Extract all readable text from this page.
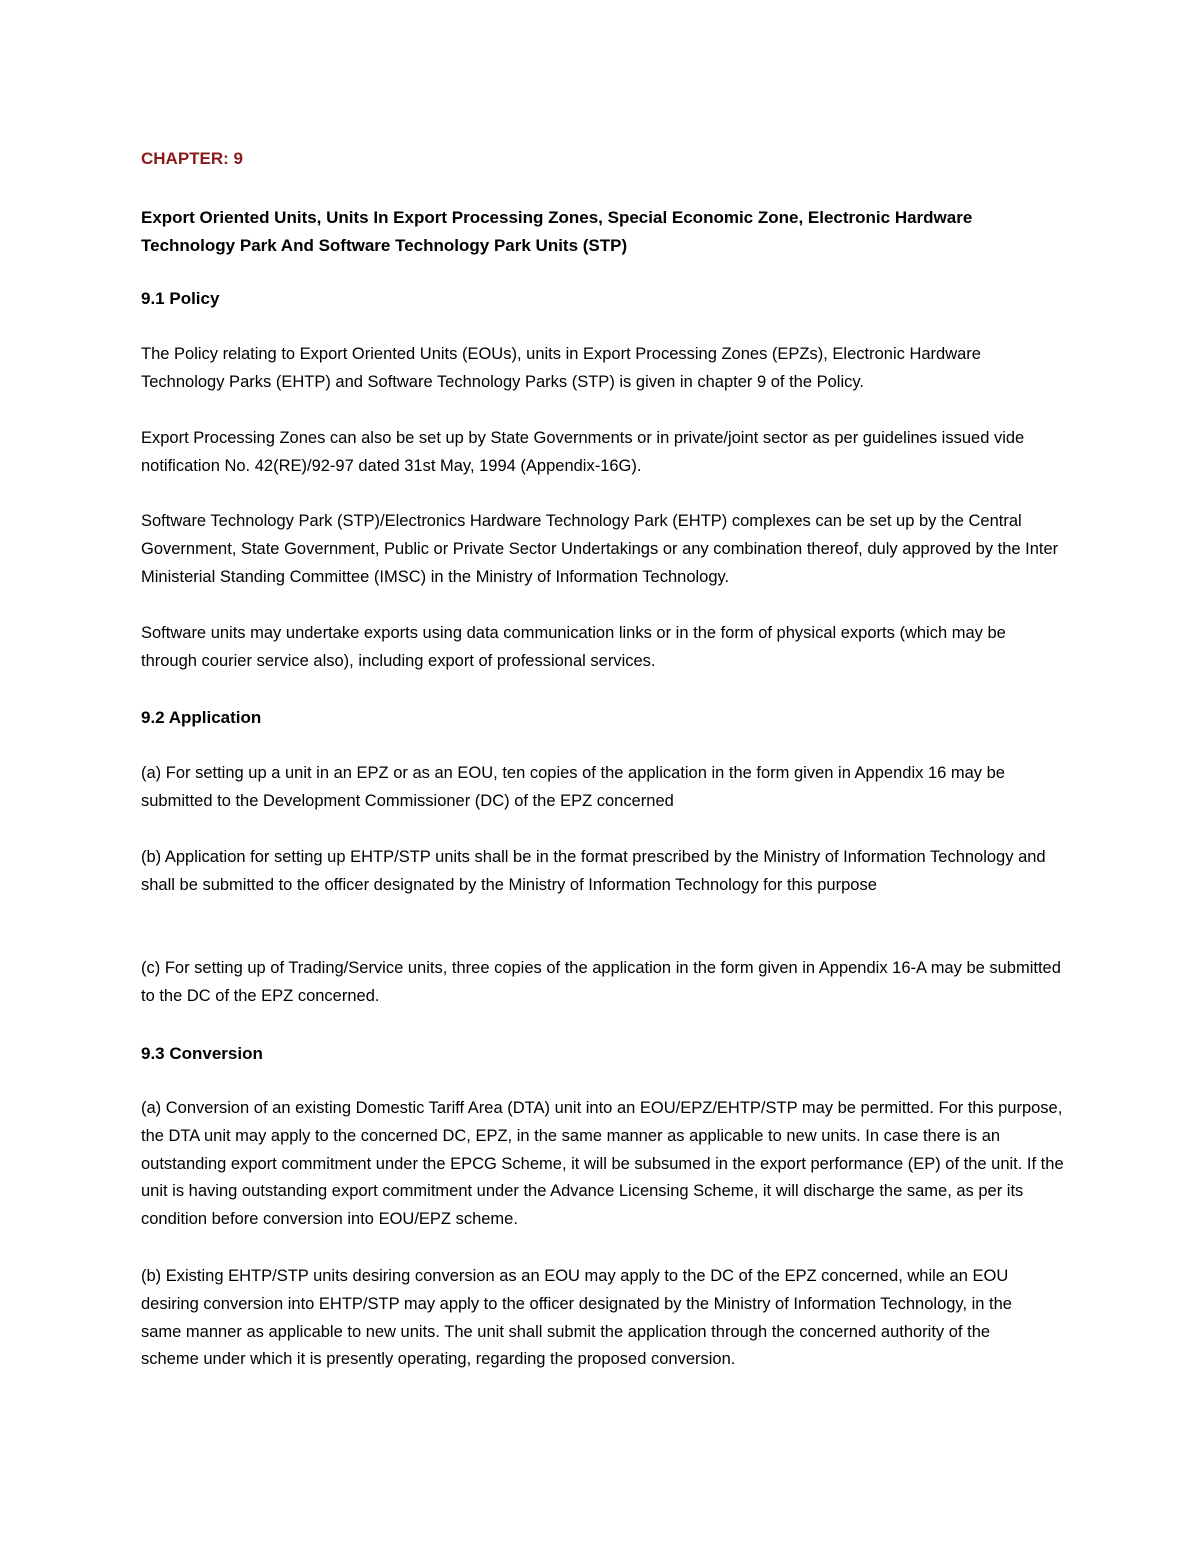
CHAPTER: 9

Export Oriented Units, Units In Export Processing Zones, Special Economic Zone, Electronic Hardware Technology Park And Software Technology Park Units (STP)

9.1 Policy

The Policy relating to Export Oriented Units (EOUs), units in Export Processing Zones (EPZs), Electronic Hardware Technology Parks (EHTP) and Software Technology Parks (STP) is given in chapter 9 of the Policy.

Export Processing Zones can also be set up by State Governments or in private/joint sector as per guidelines issued vide notification No. 42(RE)/92-97 dated 31st May, 1994 (Appendix-16G).

Software Technology Park (STP)/Electronics Hardware Technology Park (EHTP) complexes can be set up by the Central Government, State Government, Public or Private Sector Undertakings or any combination thereof, duly approved by the Inter Ministerial Standing Committee (IMSC) in the Ministry of Information Technology.

Software units may undertake exports using data communication links or in the form of physical exports (which may be through courier service also), including export of professional services.

9.2 Application

(a) For setting up a unit in an EPZ or as an EOU, ten copies of the application in the form given in Appendix 16 may be submitted to the Development Commissioner (DC) of the EPZ concerned

(b) Application for setting up EHTP/STP units shall be in the format prescribed by the Ministry of Information Technology and shall be submitted to the officer designated by the Ministry of Information Technology for this purpose

(c) For setting up of Trading/Service units, three copies of the application in the form given in Appendix 16-A may be submitted to the DC of the EPZ concerned.

9.3 Conversion

(a) Conversion of an existing Domestic Tariff Area (DTA) unit into an EOU/EPZ/EHTP/STP may be permitted. For this purpose, the DTA unit may apply to the concerned DC, EPZ, in the same manner as applicable to new units. In case there is an outstanding export commitment under the EPCG Scheme, it will be subsumed in the export performance (EP) of the unit. If the unit is having outstanding export commitment under the Advance Licensing Scheme, it will discharge the same, as per its condition before conversion into EOU/EPZ scheme.

(b) Existing EHTP/STP units desiring conversion as an EOU may apply to the DC of the EPZ concerned, while an EOU desiring conversion into EHTP/STP may apply to the officer designated by the Ministry of Information Technology, in the same manner as applicable to new units. The unit shall submit the application through the concerned authority of the scheme under which it is presently operating, regarding the proposed conversion.
